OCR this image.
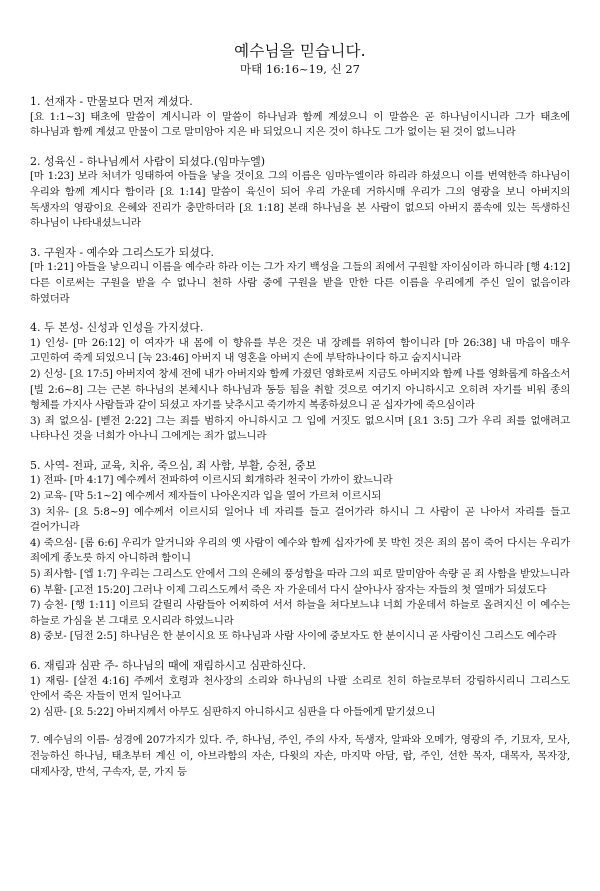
예수님을 믿습니다.
마태 16:16~19, 신 27
1. 선재자 - 만물보다 먼저 계셨다.
[요 1:1~3] 태초에 말씀이 계시니라 이 말씀이 하나님과 함께 계셨으니 이 말씀은 곧 하나님이시니라 그가 태초에 하나님과 함께 계셨고 만물이 그로 말미암아 지은 바 되었으니 지은 것이 하나도 그가 없이는 된 것이 없느니라
2. 성육신 - 하나님께서 사람이 되셨다.(임마누엘)
[마 1:23] 보라 처녀가 잉태하여 아들을 낳을 것이요 그의 이름은 임마누엘이라 하리라 하셨으니 이를 번역한즉 하나님이 우리와 함께 계시다 함이라 [요 1:14] 말씀이 육신이 되어 우리 가운데 거하시매 우리가 그의 영광을 보니 아버지의 독생자의 영광이요 은혜와 진리가 충만하더라 [요 1:18] 본래 하나님을 본 사람이 없으되 아버지 품속에 있는 독생하신 하나님이 나타내셨느니라
3. 구원자 - 예수와 그리스도가 되셨다.
[마 1:21] 아들을 낳으리니 이름을 예수라 하라 이는 그가 자기 백성을 그들의 죄에서 구원할 자이심이라 하니라 [행 4:12] 다른 이로써는 구원을 받을 수 없나니 천하 사람 중에 구원을 받을 만한 다른 이름을 우리에게 주신 일이 없음이라 하였더라
4. 두 본성- 신성과 인성을 가지셨다.
1) 인성- [마 26:12] 이 여자가 내 몸에 이 향유를 부은 것은 내 장례를 위하여 함이니라 [마 26:38] 내 마음이 매우 고민하여 죽게 되었으니 [눅 23:46] 아버지 내 영혼을 아버지 손에 부탁하나이다 하고 숨지시니라
2) 신성- [요 17:5] 아버지여 창세 전에 내가 아버지와 함께 가졌던 영화로써 지금도 아버지와 함께 나를 영화롭게 하옵소서 [빌 2:6~8] 그는 근본 하나님의 본체시나 하나님과 동등 됨을 취할 것으로 여기지 아니하시고 오히려 자기를 비워 종의 형체를 가지사 사람들과 같이 되셨고 자기를 낮추시고 죽기까지 복종하셨으니 곧 십자가에 죽으심이라
3) 죄 없으심- [벧전 2:22] 그는 죄를 범하지 아니하시고 그 입에 거짓도 없으시며 [요1 3:5] 그가 우리 죄를 없애려고 나타나신 것을 너희가 아나니 그에게는 죄가 없느니라
5. 사역- 전파, 교육, 치유, 죽으심, 죄 사함, 부활, 승천, 중보
1) 전파- [마 4:17] 예수께서 전파하여 이르시되 회개하라 천국이 가까이 왔느니라
2) 교육- [막 5:1~2] 예수께서 제자들이 나아온지라 입을 열어 가르쳐 이르시되
3) 치유- [요 5:8~9] 예수께서 이르시되 일어나 네 자리를 들고 걸어가라 하시니 그 사람이 곧 나아서 자리를 들고 걸어가니라
4) 죽으심- [롬 6:6] 우리가 알거니와 우리의 옛 사람이 예수와 함께 십자가에 못 박힌 것은 죄의 몸이 죽어 다시는 우리가 죄에게 종노릇 하지 아니하려 함이니
5) 죄사함- [엡 1:7] 우리는 그리스도 안에서 그의 은혜의 풍성함을 따라 그의 피로 말미암아 속량 곧 죄 사함을 받았느니라
6) 부활- [고전 15:20] 그러나 이제 그리스도께서 죽은 자 가운데서 다시 살아나사 잠자는 자들의 첫 열매가 되셨도다
7) 승천- [행 1:11] 이르되 갈릴리 사람들아 어찌하여 서서 하늘을 쳐다보느냐 너희 가운데서 하늘로 올려지신 이 예수는 하늘로 가심을 본 그대로 오시리라 하였느니라
8) 중보- [딤전 2:5] 하나님은 한 분이시요 또 하나님과 사람 사이에 중보자도 한 분이시니 곧 사람이신 그리스도 예수라
6. 재림과 심판 주- 하나님의 때에 재림하시고 심판하신다.
1) 재림- [살전 4:16] 주께서 호령과 천사장의 소리와 하나님의 나팔 소리로 친히 하늘로부터 강림하시리니 그리스도 안에서 죽은 자들이 먼저 일어나고
2) 심판- [요 5:22] 아버지께서 아무도 심판하지 아니하시고 심판을 다 아들에게 맡기셨으니
7. 예수님의 이름- 성경에 207가지가 있다. 주, 하나님, 주인, 주의 사자, 독생자, 알파와 오메가, 영광의 주, 기묘자, 모사, 전능하신 하나님, 태초부터 계신 이, 아브라함의 자손, 다윗의 자손, 마지막 아담, 랍, 주인, 선한 목자, 대목자, 목자장, 대제사장, 반석, 구속자, 문, 가지 등
